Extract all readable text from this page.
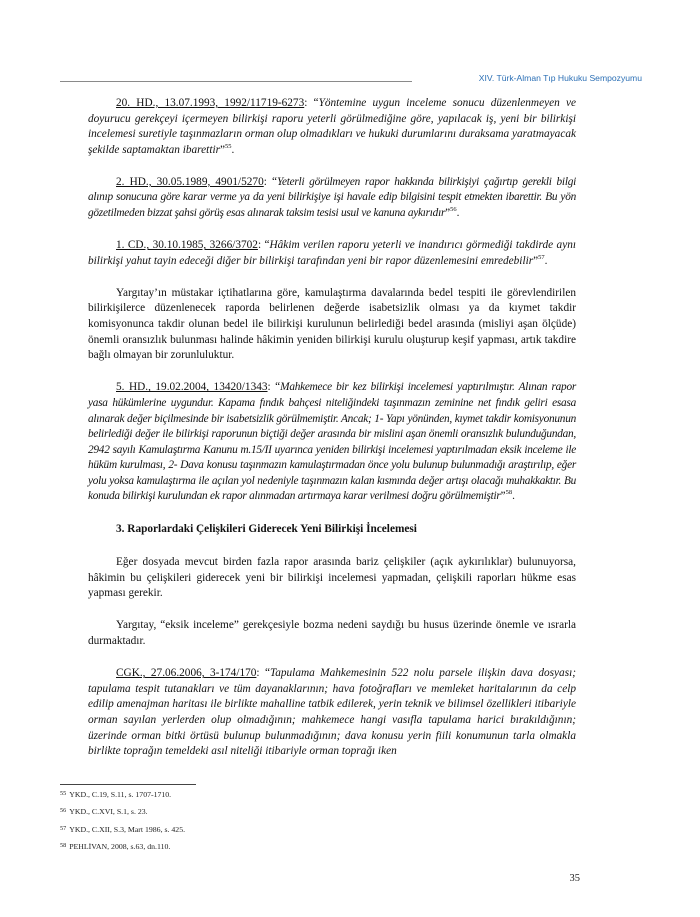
XIV. Türk-Alman Tıp Hukuku Sempozyumu

20. HD., 13.07.1993, 1992/11719-6273: “Yöntemine uygun inceleme sonucu düzenlenmeyen ve doyurucu gerekçeyi içermeyen bilirkişi raporu yeterli görülmediğine göre, yapılacak iş, yeni bir bilirkişi incelemesi suretiyle taşınmazların orman olup olmadıkları ve hukuki durumlarını duraksama yaratmayacak şekilde saptamaktan ibarettir”$^{55}$.

2. HD., 30.05.1989, 4901/5270: “Yeterli görülmeyen rapor hakkında bilirkişiyi çağırtıp gerekli bilgi alınıp sonucuna göre karar verme ya da yeni bilirkişiye işi havale edip bilgisini tespit etmekten ibarettir. Bu yön gözetilmeden bizzat şahsi görüş esas alınarak taksim tesisi usul ve kanuna aykırıdır”$^{56}$.

1. CD., 30.10.1985, 3266/3702: “Hâkim verilen raporu yeterli ve inandırıcı görmediği takdirde aynı bilirkişi yahut tayin edeceği diğer bir bilirkişi tarafından yeni bir rapor düzenlemesini emredebilir”$^{57}$.

Yargıtay’ın müstakar içtihatlarına göre, kamulaştırma davalarında bedel tespiti ile görevlendirilen bilirkişilerce düzenlenecek raporda belirlenen değerde isabetsizlik olması ya da kıymet takdir komisyonunca takdir olunan bedel ile bilirkişi kurulunun belirlediği bedel arasında (misliyi aşan ölçüde) önemli oransızlık bulunması halinde hâkimin yeniden bilirkişi kurulu oluşturup keşif yapması, artık takdire bağlı olmayan bir zorunluluktur.

5. HD., 19.02.2004, 13420/1343: “Mahkemece bir kez bilirkişi incelemesi yaptırılmıştır. Alınan rapor yasa hükümlerine uygundur. Kapama fındık bahçesi niteliğindeki taşınmazın zeminine net fındık geliri esasa alınarak değer biçilmesinde bir isabetsizlik görülmemiştir. Ancak; 1- Yapı yönünden, kıymet takdir komisyonunun belirlediği değer ile bilirkişi raporunun biçtiği değer arasında bir mislini aşan önemli oransızlık bulunduğundan, 2942 sayılı Kamulaştırma Kanunu m.15/II uyarınca yeniden bilirkişi incelemesi yaptırılmadan eksik inceleme ile hüküm kurulması, 2- Dava konusu taşınmazın kamulaştırmadan önce yolu bulunup bulunmadığı araştırılıp, eğer yolu yoksa kamulaştırma ile açılan yol nedeniyle taşınmazın kalan kısmında değer artışı olacağı muhakkaktır. Bu konuda bilirkişi kurulundan ek rapor alınmadan artırmaya karar verilmesi doğru görülmemiştir”$^{58}$.

3. Raporlardaki Çelişkileri Giderecek Yeni Bilirkişi İncelemesi

Eğer dosyada mevcut birden fazla rapor arasında bariz çelişkiler (açık aykırılıklar) bulunuyorsa, hâkimin bu çelişkileri giderecek yeni bir bilirkişi incelemesi yapmadan, çelişkili raporları hükme esas yapması gerekir.

Yargıtay, “eksik inceleme” gerekçesiyle bozma nedeni saydığı bu husus üzerinde önemle ve ısrarla durmaktadır.

CGK., 27.06.2006, 3-174/170: “Tapulama Mahkemesinin 522 nolu parsele ilişkin dava dosyası; tapulama tespit tutanakları ve tüm dayanaklarının; hava fotoğrafları ve memleket haritalarının da celp edilip amenajman haritası ile birlikte mahalline tatbik edilerek, yerin teknik ve bilimsel özellikleri itibariyle orman sayılan yerlerden olup olmadığının; mahkemece hangi vasıfla tapulama harici bırakıldığının; üzerinde orman bitki örtüsü bulunup bulunmadığının; dava konusu yerin fiili konumunun tarla olmakla birlikte toprağın temeldeki asıl niteliği itibariyle orman toprağı iken

$^{55}$ YKD., C.19, S.11, s. 1707-1710.

$^{56}$ YKD., C.XVI, S.1, s. 23.

$^{57}$ YKD., C.XII, S.3, Mart 1986, s. 425.

$^{58}$ PEHLİVAN, 2008, s.63, dn.110.

35
